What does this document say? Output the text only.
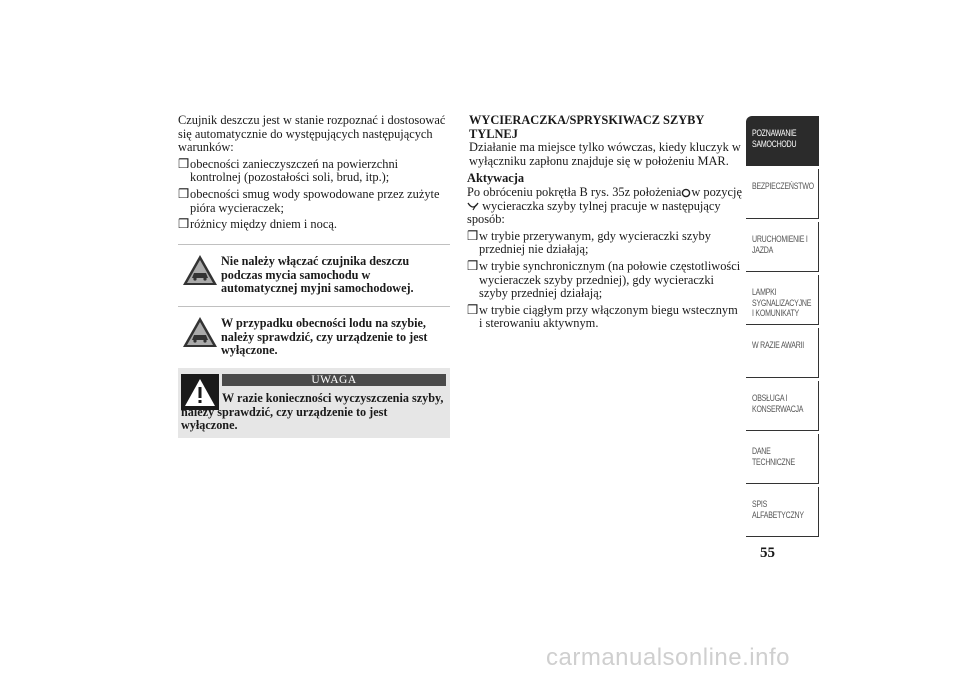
Czujnik deszczu jest w stanie rozpoznać i dostosować się automatycznie do występujących następujących warunków:

❒ obecności zanieczyszczeń na powierzchni kontrolnej (pozostałości soli, brud, itp.);
❒ obecności smug wody spowodowane przez zużyte pióra wycieraczek;
❒ różnicy między dniem i nocą.
Nie należy włączać czujnika deszczu podczas mycia samochodu w automatycznej myjni samochodowej.
W przypadku obecności lodu na szybie, należy sprawdzić, czy urządzenie to jest wyłączone.
UWAGA
W razie konieczności wyczyszczenia szyby, należy sprawdzić, czy urządzenie to jest wyłączone.

WYCIERACZKA/SPRYSKIWACZ SZYBY TYLNEJ

Działanie ma miejsce tylko wówczas, kiedy kluczyk w wyłączniku zapłonu znajduje się w położeniu MAR.

Aktywacja

Po obróceniu pokrętła B rys. 35z położenia w pozycję
wycieraczka szyby tylnej pracuje w następujący sposób:

❒ w trybie przerywanym, gdy wycieraczki szyby przedniej nie działają;
❒ w trybie synchronicznym (na połowie częstotliwości wycieraczek szyby przedniej), gdy wycieraczki szyby przedniej działają;
❒ w trybie ciągłym przy włączonym biegu wstecznym i sterowaniu aktywnym.
POZNAWANIE
SAMOCHODU
BEZPIECZEŃSTWO
URUCHOMIENIE I
JAZDA
LAMPKI
SYGNALIZACYJNE
I KOMUNIKATY
W RAZIE AWARII
OBSŁUGA I
KONSERWACJA
DANE
TECHNICZNE
SPIS
ALFABETYCZNY
55
carmanualsonline.info
